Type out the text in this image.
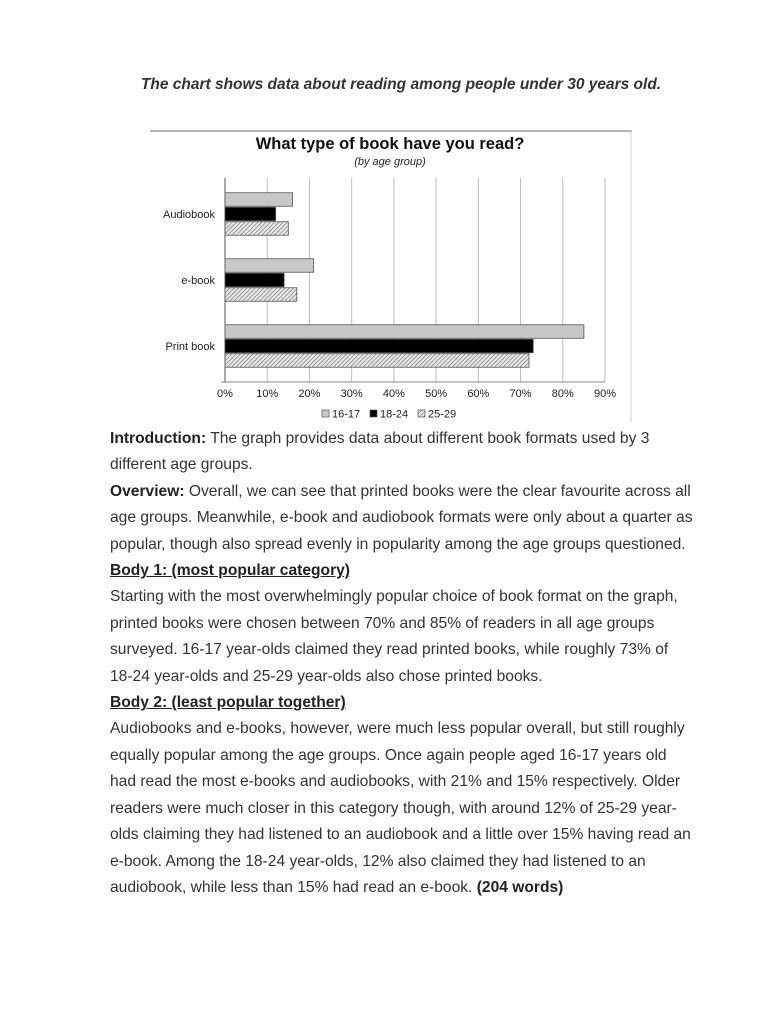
The chart shows data about reading among people under 30 years old.
What type of book have you read?
(by age group)
0% 10% 20% 30% 40% 50% 60% 70% 80% 90%
Audiobook
e-book
Print book
16-17 18-24 25-29

Introduction: The graph provides data about different book formats used by 3 different age groups.

Overview: Overall, we can see that printed books were the clear favourite across all age groups. Meanwhile, e-book and audiobook formats were only about a quarter as popular, though also spread evenly in popularity among the age groups questioned.

Body 1: (most popular category)

Starting with the most overwhelmingly popular choice of book format on the graph, printed books were chosen between 70% and 85% of readers in all age groups surveyed. 16-17 year-olds claimed they read printed books, while roughly 73% of 18-24 year-olds and 25-29 year-olds also chose printed books.

Body 2: (least popular together)

Audiobooks and e-books, however, were much less popular overall, but still roughly equally popular among the age groups. Once again people aged 16-17 years old had read the most e-books and audiobooks, with 21% and 15% respectively. Older readers were much closer in this category though, with around 12% of 25-29 year-olds claiming they had listened to an audiobook and a little over 15% having read an e-book. Among the 18-24 year-olds, 12% also claimed they had listened to an audiobook, while less than 15% had read an e-book. (204 words)
